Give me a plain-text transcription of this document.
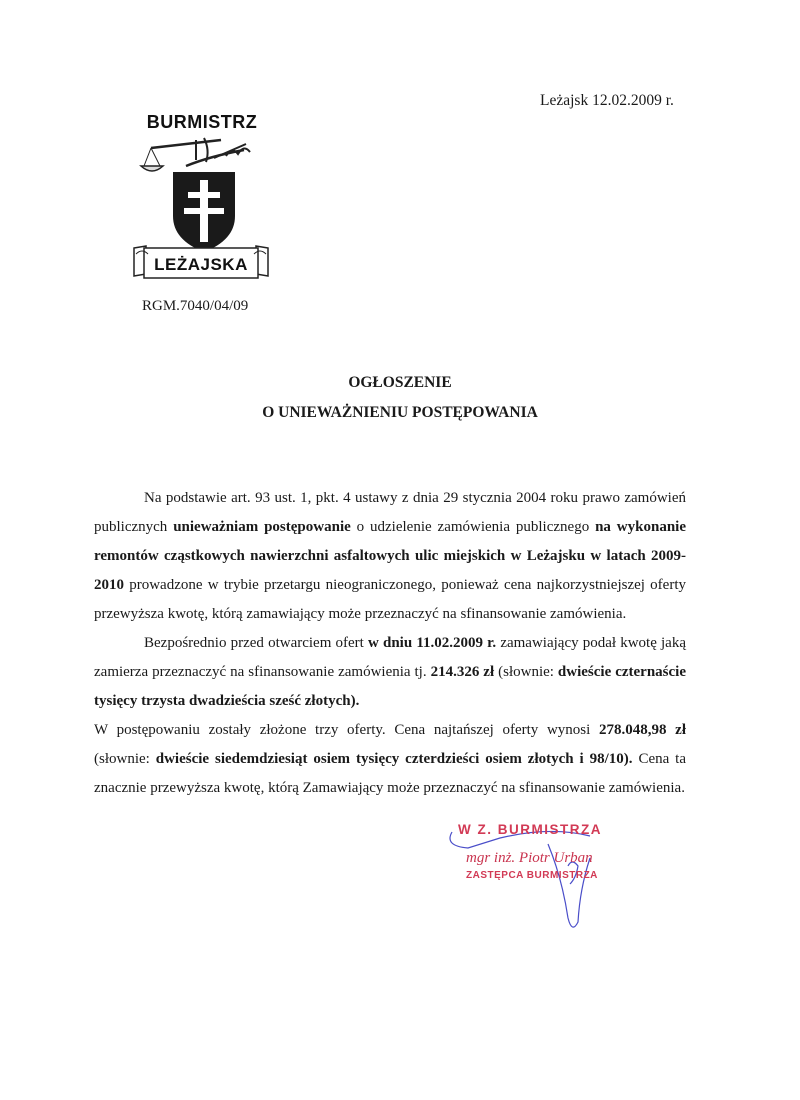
Leżajsk 12.02.2009 r.
BURMISTRZ
LEŻAJSKA
RGM.7040/04/09
OGŁOSZENIE
O UNIEWAŻNIENIU POSTĘPOWANIA

Na podstawie art. 93 ust. 1, pkt. 4 ustawy z dnia 29 stycznia 2004 roku prawo zamówień publicznych unieważniam postępowanie o udzielenie zamówienia publicznego na wykonanie remontów cząstkowych nawierzchni asfaltowych ulic miejskich w Leżajsku w latach 2009-2010 prowadzone w trybie przetargu nieograniczonego, ponieważ cena najkorzystniejszej oferty przewyższa kwotę, którą zamawiający może przeznaczyć na sfinansowanie zamówienia.

Bezpośrednio przed otwarciem ofert w dniu 11.02.2009 r. zamawiający podał kwotę jaką zamierza przeznaczyć na sfinansowanie zamówienia tj. 214.326 zł (słownie: dwieście czternaście tysięcy trzysta dwadzieścia sześć złotych).

W postępowaniu zostały złożone trzy oferty. Cena najtańszej oferty wynosi 278.048,98 zł (słownie: dwieście siedemdziesiąt osiem tysięcy czterdzieści osiem złotych i 98/10). Cena ta znacznie przewyższa kwotę, którą Zamawiający może przeznaczyć na sfinansowanie zamówienia.

W Z. BURMISTRZA
mgr inż. Piotr Urban
ZASTĘPCA BURMISTRZA
